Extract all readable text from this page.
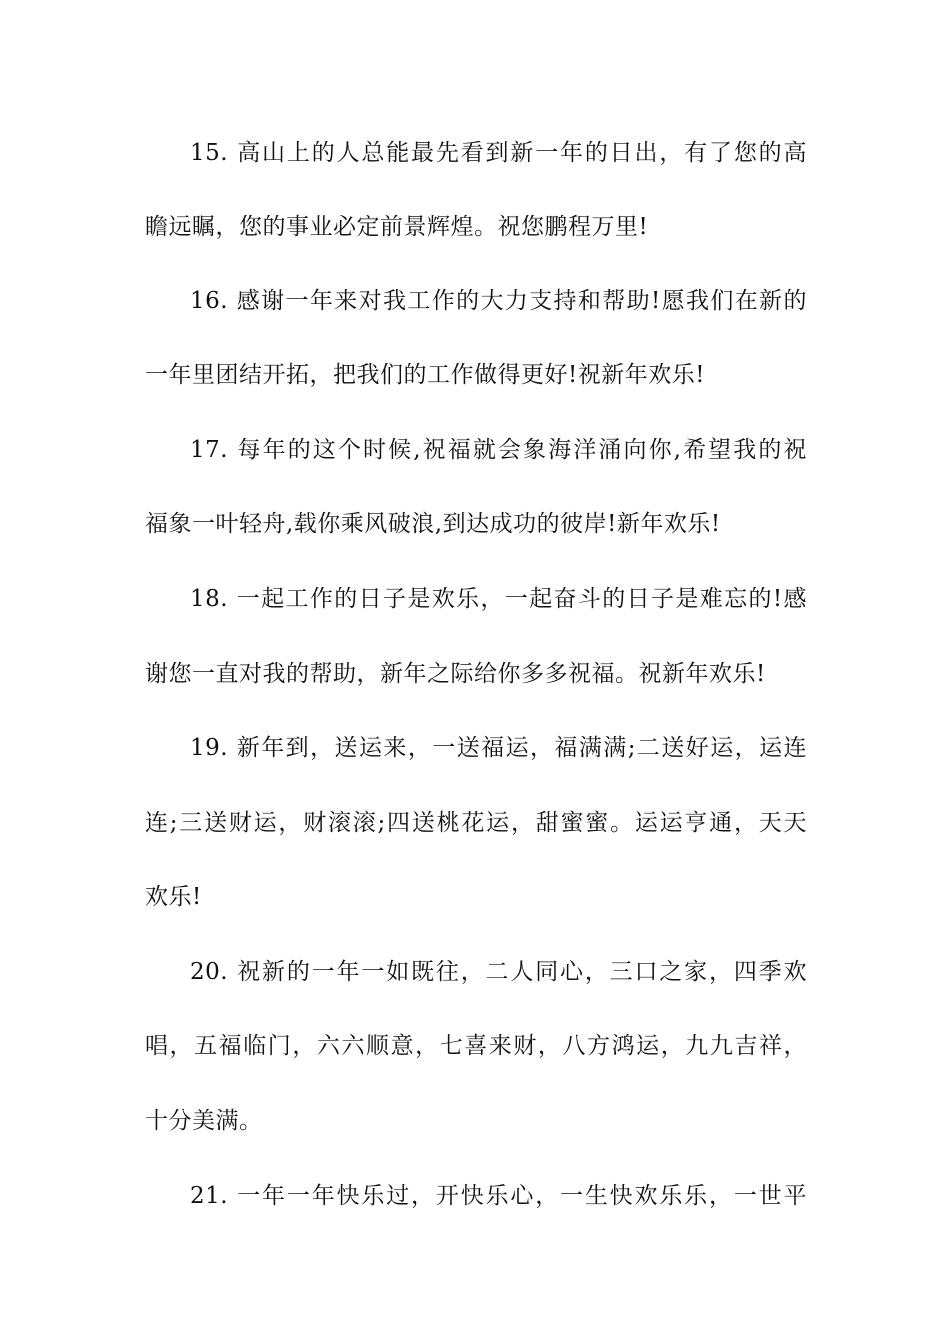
15. 高山上的人总能最先看到新一年的日出，有了您的高
瞻远瞩，您的事业必定前景辉煌。祝您鹏程万里!
16. 感谢一年来对我工作的大力支持和帮助!愿我们在新的
一年里团结开拓，把我们的工作做得更好!祝新年欢乐!
17. 每年的这个时候,祝福就会象海洋涌向你,希望我的祝
福象一叶轻舟,载你乘风破浪,到达成功的彼岸!新年欢乐!
18. 一起工作的日子是欢乐，一起奋斗的日子是难忘的!感
谢您一直对我的帮助，新年之际给你多多祝福。祝新年欢乐!
19. 新年到，送运来，一送福运，福满满;二送好运，运连
连;三送财运，财滚滚;四送桃花运，甜蜜蜜。运运亨通，天天
欢乐!
20. 祝新的一年一如既往，二人同心，三口之家，四季欢
唱，五福临门，六六顺意，七喜来财，八方鸿运，九九吉祥，
十分美满。
21. 一年一年快乐过，开快乐心，一生快欢乐乐，一世平
